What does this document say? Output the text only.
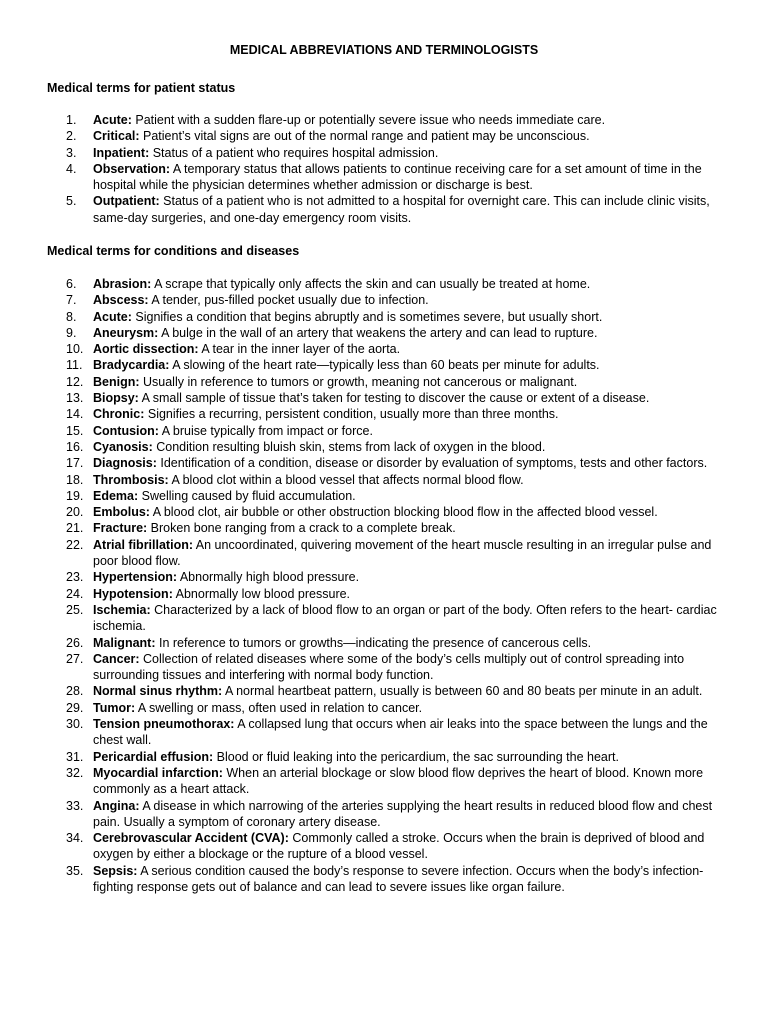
MEDICAL ABBREVIATIONS AND TERMINOLOGISTS
Medical terms for patient status
1.	Acute: Patient with a sudden flare-up or potentially severe issue who needs immediate care.
2.	Critical: Patient’s vital signs are out of the normal range and patient may be unconscious.
3.	Inpatient: Status of a patient who requires hospital admission.
4.	Observation: A temporary status that allows patients to continue receiving care for a set amount of time in the hospital while the physician determines whether admission or discharge is best.
5.	Outpatient: Status of a patient who is not admitted to a hospital for overnight care. This can include clinic visits, same-day surgeries, and one-day emergency room visits.
Medical terms for conditions and diseases
6.	Abrasion: A scrape that typically only affects the skin and can usually be treated at home.
7.	Abscess: A tender, pus-filled pocket usually due to infection.
8.	Acute: Signifies a condition that begins abruptly and is sometimes severe, but usually short.
9.	Aneurysm: A bulge in the wall of an artery that weakens the artery and can lead to rupture.
10. Aortic dissection: A tear in the inner layer of the aorta.
11. Bradycardia: A slowing of the heart rate—typically less than 60 beats per minute for adults.
12. Benign: Usually in reference to tumors or growth, meaning not cancerous or malignant.
13. Biopsy: A small sample of tissue that’s taken for testing to discover the cause or extent of a disease.
14. Chronic: Signifies a recurring, persistent condition, usually more than three months.
15. Contusion: A bruise typically from impact or force.
16. Cyanosis: Condition resulting bluish skin, stems from lack of oxygen in the blood.
17. Diagnosis: Identification of a condition, disease or disorder by evaluation of symptoms, tests and other factors.
18. Thrombosis: A blood clot within a blood vessel that affects normal blood flow.
19. Edema: Swelling caused by fluid accumulation.
20. Embolus: A blood clot, air bubble or other obstruction blocking blood flow in the affected blood vessel.
21. Fracture: Broken bone ranging from a crack to a complete break.
22. Atrial fibrillation: An uncoordinated, quivering movement of the heart muscle resulting in an irregular pulse and poor blood flow.
23. Hypertension: Abnormally high blood pressure.
24. Hypotension: Abnormally low blood pressure.
25. Ischemia: Characterized by a lack of blood flow to an organ or part of the body. Often refers to the heart- cardiac ischemia.
26. Malignant: In reference to tumors or growths—indicating the presence of cancerous cells.
27. Cancer: Collection of related diseases where some of the body’s cells multiply out of control spreading into surrounding tissues and interfering with normal body function.
28. Normal sinus rhythm: A normal heartbeat pattern, usually is between 60 and 80 beats per minute in an adult.
29. Tumor: A swelling or mass, often used in relation to cancer.
30. Tension pneumothorax: A collapsed lung that occurs when air leaks into the space between the lungs and the chest wall.
31. Pericardial effusion: Blood or fluid leaking into the pericardium, the sac surrounding the heart.
32. Myocardial infarction: When an arterial blockage or slow blood flow deprives the heart of blood. Known more commonly as a heart attack.
33. Angina: A disease in which narrowing of the arteries supplying the heart results in reduced blood flow and chest pain. Usually a symptom of coronary artery disease.
34. Cerebrovascular Accident (CVA): Commonly called a stroke. Occurs when the brain is deprived of blood and oxygen by either a blockage or the rupture of a blood vessel.
35. Sepsis: A serious condition caused the body’s response to severe infection. Occurs when the body’s infection-fighting response gets out of balance and can lead to severe issues like organ failure.
